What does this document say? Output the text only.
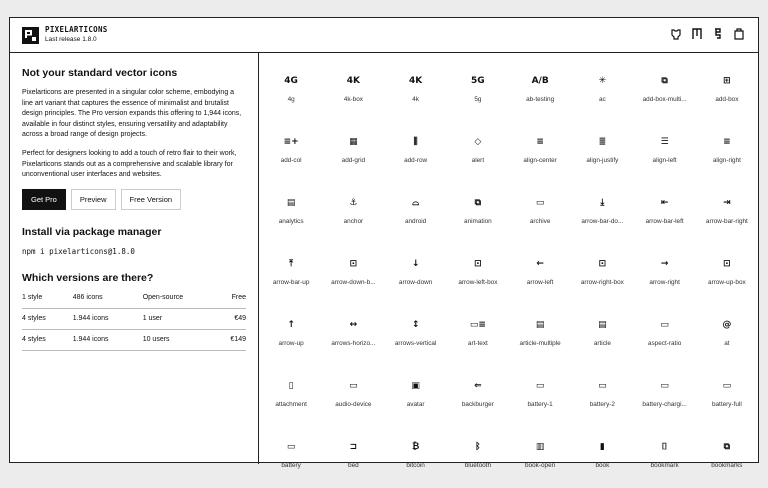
PIXELARTICONS
Last release 1.8.0
Not your standard vector icons

Pixelarticons are presented in a singular color scheme, embodying a line art variant that captures the essence of minimalist and brutalist design principles. The Pro version expands this offering to 1,944 icons, available in four distinct styles, ensuring versatility and adaptability across a broad range of design projects.

Perfect for designers looking to add a touch of retro flair to their work, Pixelarticons stands out as a comprehensive and scalable library for unconventional user interfaces and websites.

Get Pro	Preview	Free Version
Install via package manager
npm i pixelarticons@1.8.0
Which versions are there?
1 style	486 icons	Open-source	Free
4 styles	1.944 icons	1 user	€49
4 styles	1.944 icons	10 users	€149
4G
4g
4K
4k-box
4K
4k
5G
5g
A/B
ab-testing
✳
ac
⧉
add-box-multi...
⊞
add-box
≡+
add-col
▦
add-grid
⫼
add-row
◇
alert
≡
align-center
≣
align-justify
☰
align-left
≡
align-right
▤
analytics
⚓
anchor
⌓
android
⧉
animation
▭
archive
⤓
arrow-bar-do...
⇤
arrow-bar-left
⇥
arrow-bar-right
⤒
arrow-bar-up
⊡
arrow-down-b...
↓
arrow-down
⊡
arrow-left-box
←
arrow-left
⊡
arrow-right-box
→
arrow-right
⊡
arrow-up-box
↑
arrow-up
↔
arrows-horizo...
↕
arrows-vertical
▭≡
art-text
▤
article-multiple
▤
article
▭
aspect-ratio
@
at
▯
attachment
▭
audio-device
▣
avatar
⇐
backburger
▭
battery-1
▭
battery-2
▭
battery-chargi...
▭
battery-full
▭
battery
⊐
bed
₿
bitcoin
ᛒ
bluetooth
▥
book-open
▮
book
⌷
bookmark
⧉
bookmarks
